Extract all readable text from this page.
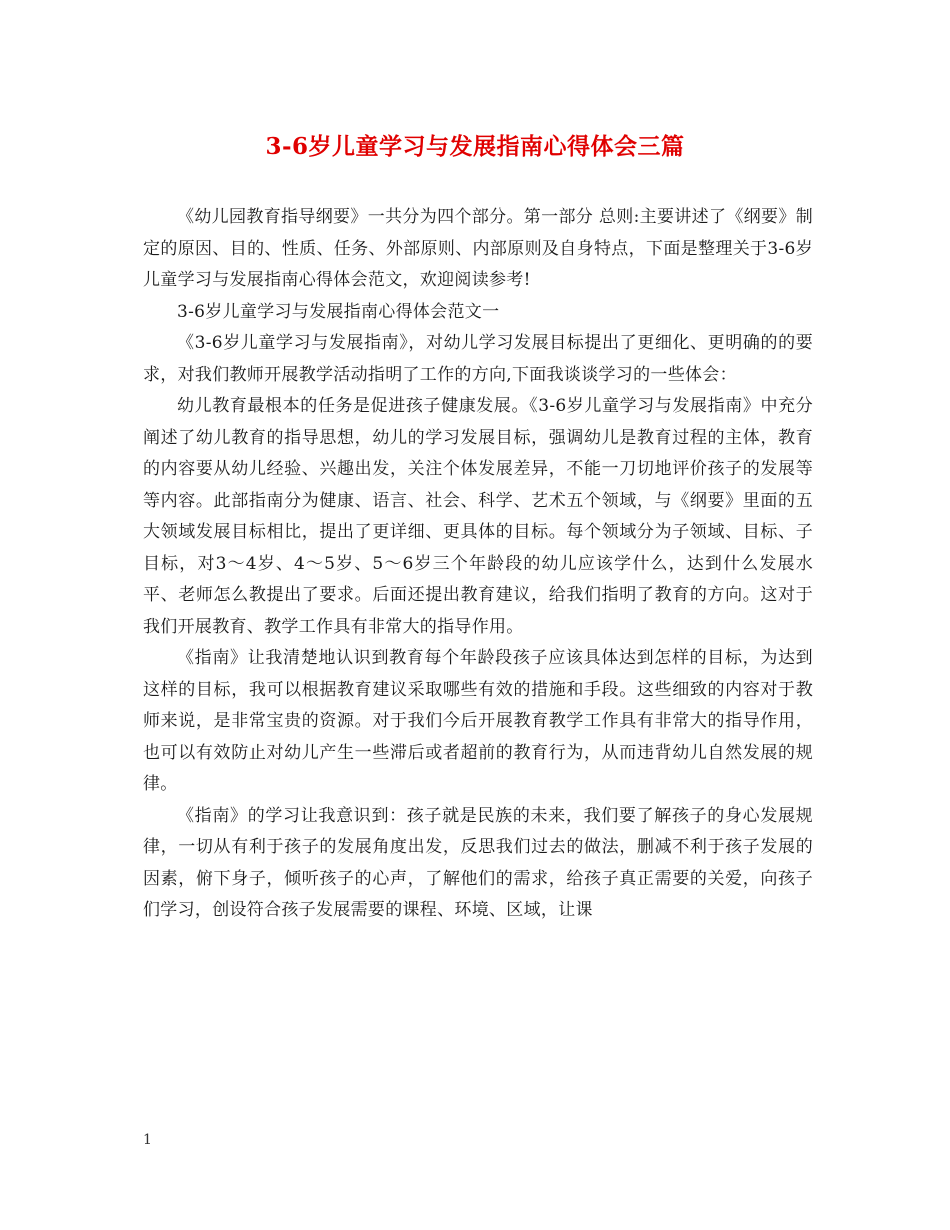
3-6岁儿童学习与发展指南心得体会三篇

《幼儿园教育指导纲要》一共分为四个部分。第一部分 总则:主要讲述了《纲要》制定的原因、目的、性质、任务、外部原则、内部原则及自身特点，下面是整理关于3-6岁儿童学习与发展指南心得体会范文，欢迎阅读参考!

3-6岁儿童学习与发展指南心得体会范文一

《3-6岁儿童学习与发展指南》，对幼儿学习发展目标提出了更细化、更明确的的要求，对我们教师开展教学活动指明了工作的方向,下面我谈谈学习的一些体会：

幼儿教育最根本的任务是促进孩子健康发展。《3-6岁儿童学习与发展指南》中充分阐述了幼儿教育的指导思想，幼儿的学习发展目标，强调幼儿是教育过程的主体，教育的内容要从幼儿经验、兴趣出发，关注个体发展差异，不能一刀切地评价孩子的发展等等内容。此部指南分为健康、语言、社会、科学、艺术五个领域，与《纲要》里面的五大领域发展目标相比，提出了更详细、更具体的目标。每个领域分为子领域、目标、子目标，对3～4岁、4～5岁、5～6岁三个年龄段的幼儿应该学什么，达到什么发展水平、老师怎么教提出了要求。后面还提出教育建议，给我们指明了教育的方向。这对于我们开展教育、教学工作具有非常大的指导作用。

《指南》让我清楚地认识到教育每个年龄段孩子应该具体达到怎样的目标，为达到这样的目标，我可以根据教育建议采取哪些有效的措施和手段。这些细致的内容对于教师来说，是非常宝贵的资源。对于我们今后开展教育教学工作具有非常大的指导作用，也可以有效防止对幼儿产生一些滞后或者超前的教育行为，从而违背幼儿自然发展的规律。

《指南》的学习让我意识到：孩子就是民族的未来，我们要了解孩子的身心发展规律，一切从有利于孩子的发展角度出发，反思我们过去的做法，删减不利于孩子发展的因素，俯下身子，倾听孩子的心声，了解他们的需求，给孩子真正需要的关爱，向孩子们学习，创设符合孩子发展需要的课程、环境、区域，让课

1
